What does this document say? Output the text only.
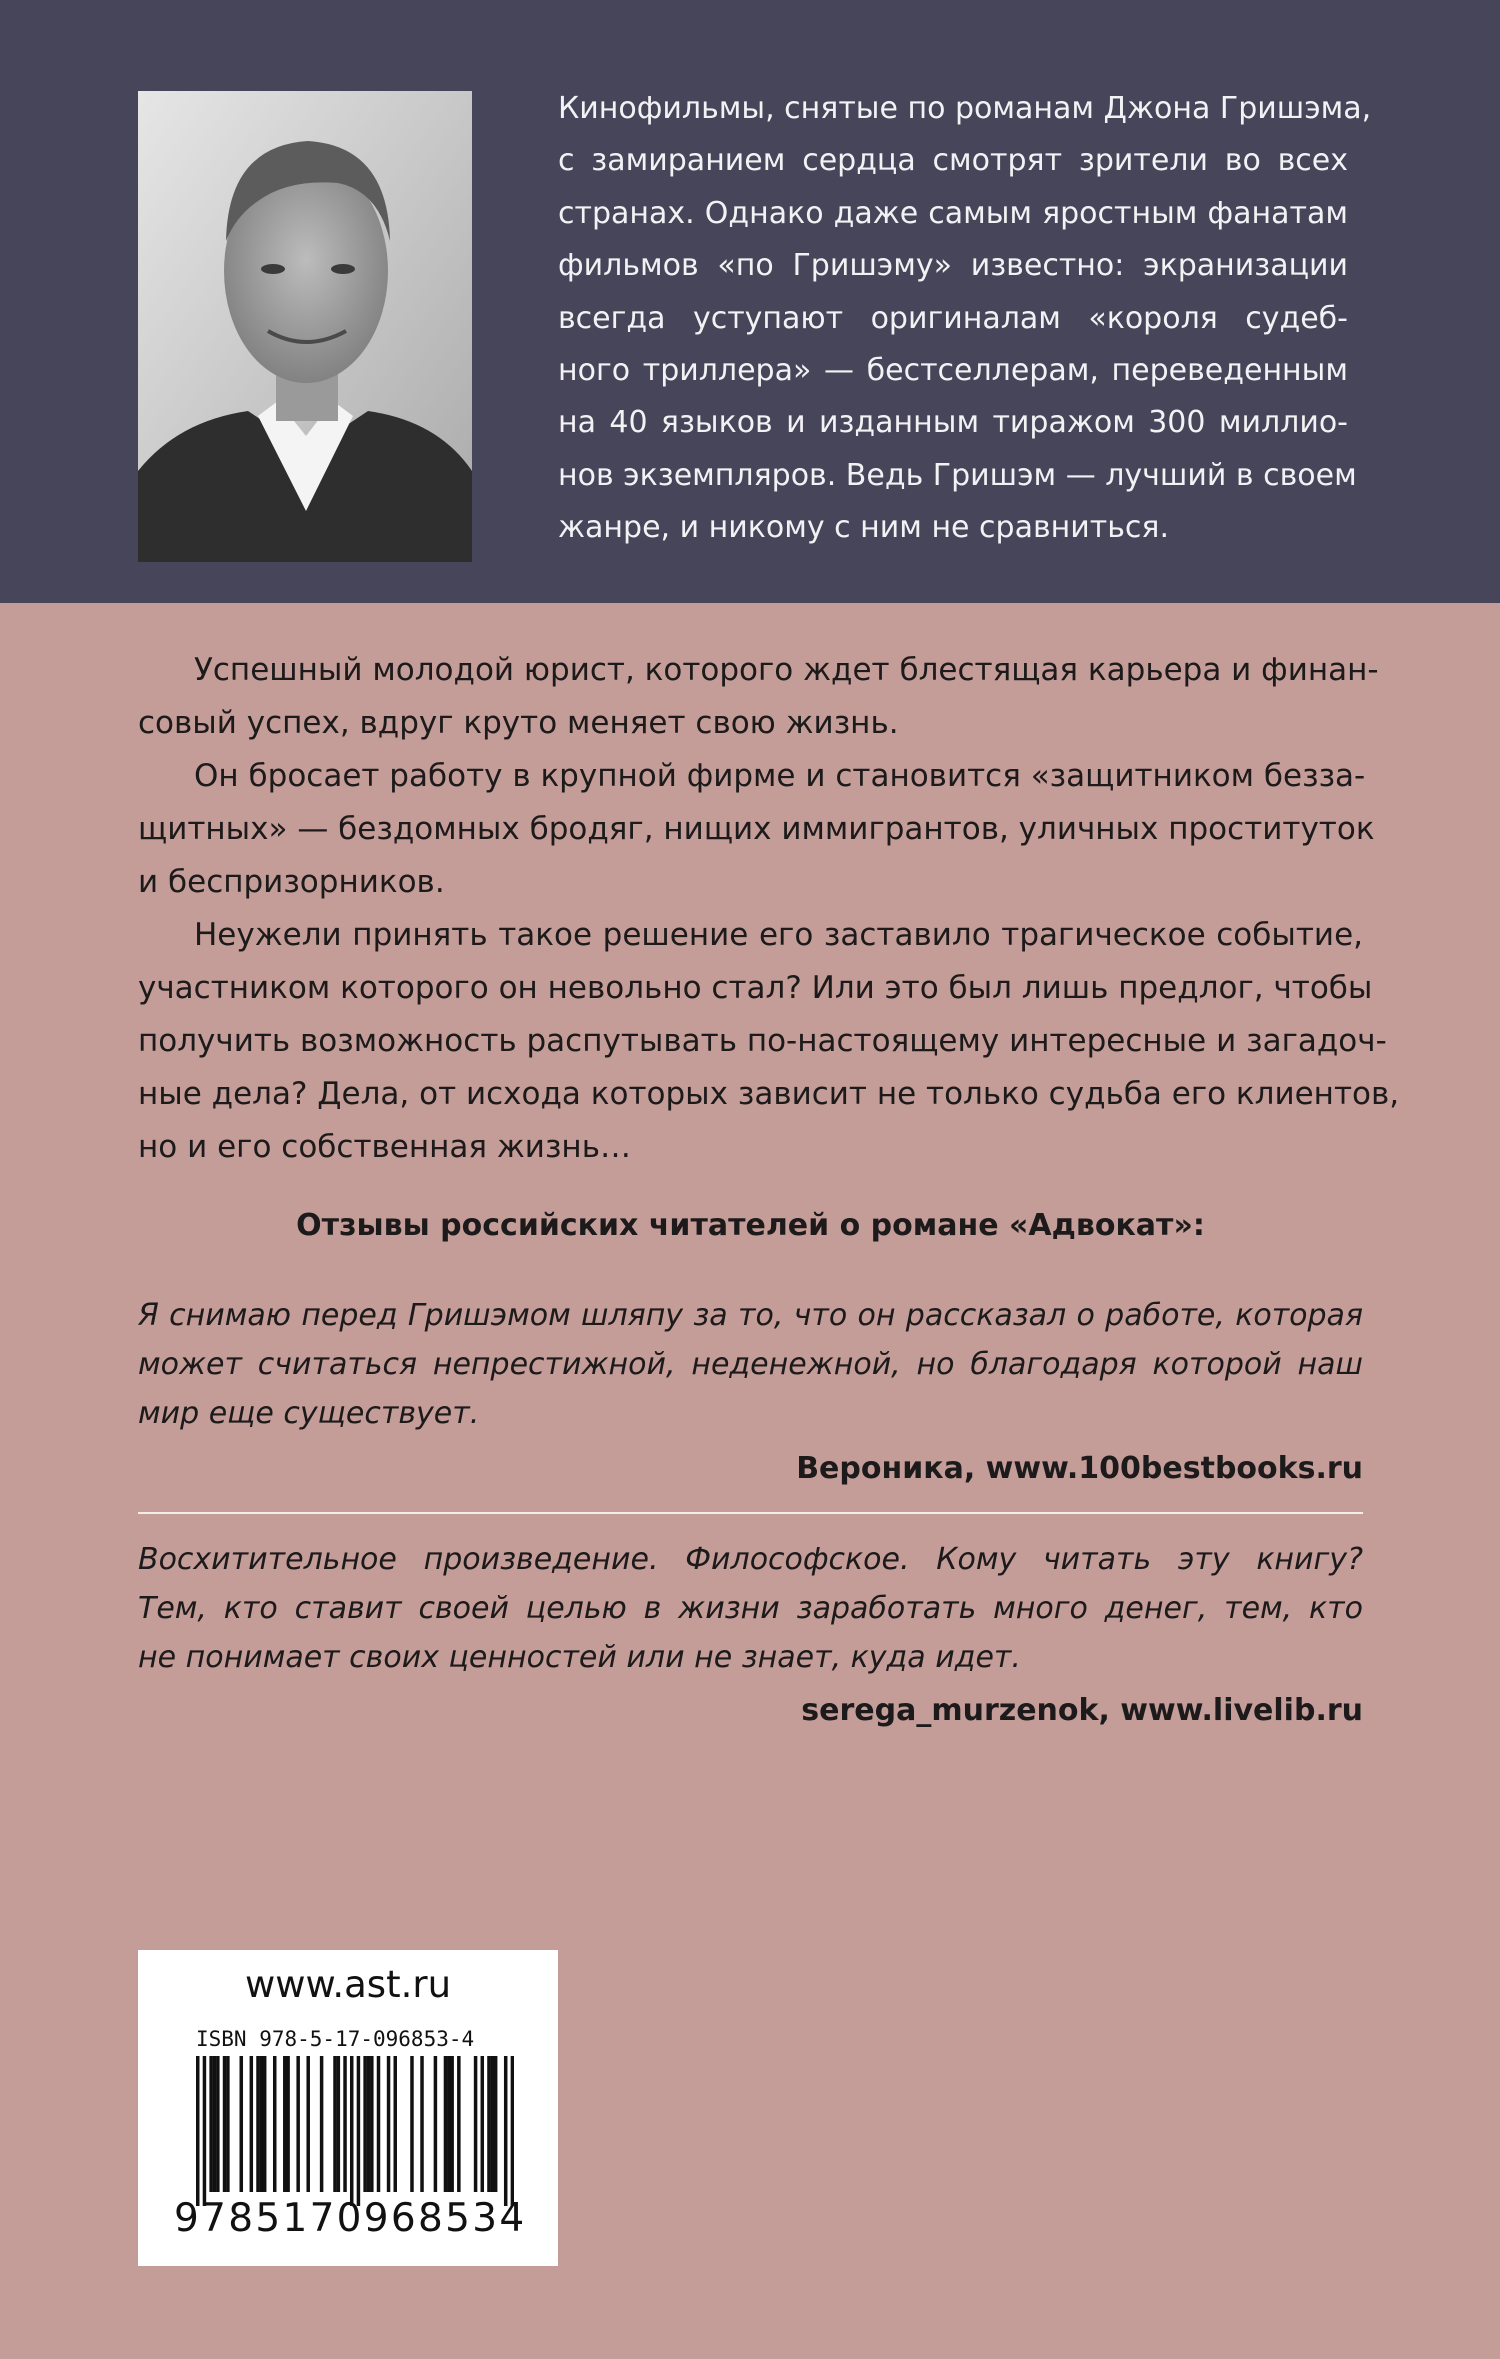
Кинофильмы, снятые по романам Джона Гришэма,
с замиранием сердца смотрят зрители во всех
странах. Однако даже самым яростным фанатам
фильмов «по Гришэму» известно: экранизации
всегда уступают оригиналам «короля судеб-
ного триллера» — бестселлерам, переведенным
на 40 языков и изданным тиражом 300 миллио-
нов экземпляров. Ведь Гришэм — лучший в своем
жанре, и никому с ним не сравниться.
Успешный молодой юрист, которого ждет блестящая карьера и финан-
совый успех, вдруг круто меняет свою жизнь.
Он бросает работу в крупной фирме и становится «защитником безза-
щитных» — бездомных бродяг, нищих иммигрантов, уличных проституток
и беспризорников.
Неужели принять такое решение его заставило трагическое событие,
участником которого он невольно стал? Или это был лишь предлог, чтобы
получить возможность распутывать по-настоящему интересные и загадоч-
ные дела? Дела, от исхода которых зависит не только судьба его клиентов,
но и его собственная жизнь…
Отзывы российских читателей о романе «Адвокат»:
Я снимаю перед Гришэмом шляпу за то, что он рассказал о работе, которая
может считаться непрестижной, неденежной, но благодаря которой наш
мир еще существует.
Вероника, www.100bestbooks.ru
Восхитительное произведение. Философское. Кому читать эту книгу?
Тем, кто ставит своей целью в жизни заработать много денег, тем, кто
не понимает своих ценностей или не знает, куда идет.
serega_murzenok, www.livelib.ru
www.ast.ru
ISBN 978-5-17-096853-4
9785170968534
